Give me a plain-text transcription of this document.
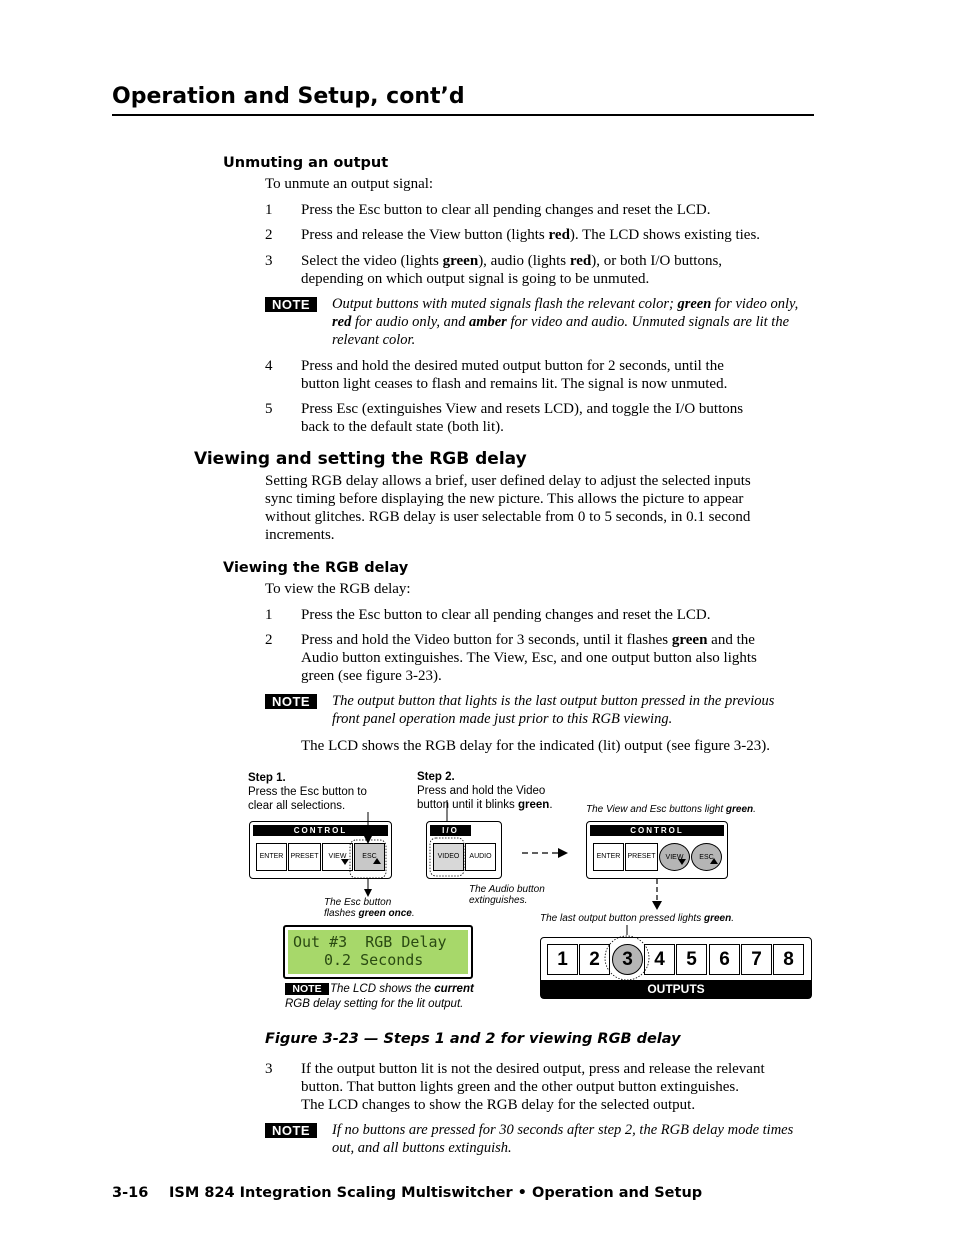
Operation and Setup, cont’d
Unmuting an output
To unmute an output signal:
1 Press the Esc button to clear all pending changes and reset the LCD.
2 Press and release the View button (lights red). The LCD shows existing ties.
3 Select the video (lights green), audio (lights red), or both I/O buttons,
depending on which output signal is going to be unmuted.
NOTE	Output buttons with muted signals flash the relevant color; green for video only,
red for audio only, and amber for video and audio. Unmuted signals are lit the
relevant color.
4 Press and hold the desired muted output button for 2 seconds, until the
button light ceases to flash and remains lit. The signal is now unmuted.
5 Press Esc (extinguishes View and resets LCD), and toggle the I/O buttons
back to the default state (both lit).
Viewing and setting the RGB delay
Setting RGB delay allows a brief, user defined delay to adjust the selected inputs
sync timing before displaying the new picture. This allows the picture to appear
without glitches. RGB delay is user selectable from 0 to 5 seconds, in 0.1 second
increments.
Viewing the RGB delay
To view the RGB delay:
1 Press the Esc button to clear all pending changes and reset the LCD.
2 Press and hold the Video button for 3 seconds, until it flashes green and the
Audio button extinguishes. The View, Esc, and one output button also lights
green (see figure 3-23).
NOTE	The output button that lights is the last output button pressed in the previous
front panel operation made just prior to this RGB viewing.
The LCD shows the RGB delay for the indicated (lit) output (see figure 3-23).
Step 1.
Press the Esc button to
clear all selections.
Step 2.
Press and hold the Video
button until it blinks green.	The View and Esc buttons light green.
CONTROL
ENTER	PRESET	VIEW	ESC
The Esc button
flashes green once.
I/O
VIDEO	AUDIO
The Audio button
extinguishes.
CONTROL
ENTER	PRESET	VIEW	ESC
The last output button pressed lights green.
Out #3  RGB Delay
0.2 Seconds
NOTE The LCD shows the current
RGB delay setting for the lit output.
1	2	3	4	5	6	7	8
OUTPUTS
Figure 3-23 — Steps 1 and 2 for viewing RGB delay
3 If the output button lit is not the desired output, press and release the relevant
button. That button lights green and the other output button extinguishes.
The LCD changes to show the RGB delay for the selected output.
NOTE	If no buttons are pressed for 30 seconds after step 2, the RGB delay mode times
out, and all buttons extinguish.
3-16 ISM 824 Integration Scaling Multiswitcher • Operation and Setup
